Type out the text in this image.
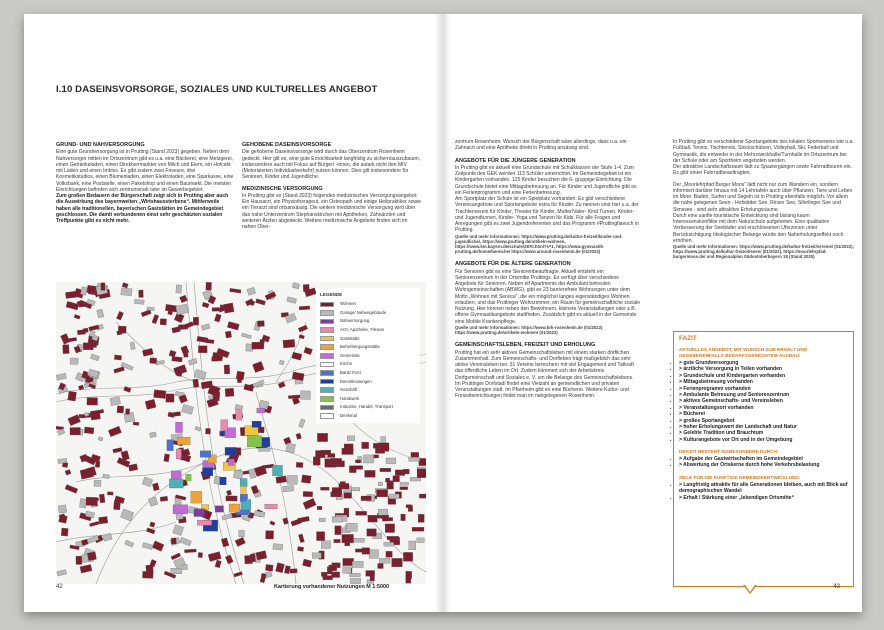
I.10 DASEINSVORSORGE, SOZIALES UND KULTURELLES ANGEBOT
GRUND- UND NAHVERSORGUNG

Eine gute Grundversorgung ist in Prutting (Stand 2023) gegeben. Neben dem Nahversorger mitten im Ortszentrum gibt es u.a. eine Bäckerei, eine Metzgerei, einen Getränkeladen, einen Direktvermarkter von Milch und Eiern, ein Hofcafé mit Läden und einen Imbiss. Es gibt zudem zwei Friseure, drei Kosmetikstudios, einen Blumenladen, einen Elektroladen, eine Sparkasse, eine Volksbank, eine Poststelle, einen Paketshop und einen Baumarkt. Die meisten Einrichtungen befinden sich zentrumsnah oder im Gewerbegebiet.

Zum großen Bedauern der Bürgerschaft zeigt sich in Prutting aber auch die Auswirkung des bayernweiten „Wirtshaussterbens“. Mittlerweile haben alle traditionellen, bayerischen Gaststätten im Gemeindegebiet geschlossen. Die damit verbundenen einst sehr geschätzten sozialen Treffpunkte gibt es nicht mehr.

GEHOBENE DASEINSVORSORGE

Die gehobene Daseinsvorsorge wird durch das Oberzentrum Rosenheim gedeckt. Hier gilt es, eine gute Erreichbarkeit langfristig zu sichern/auszubauen, insbesondere auch mit Fokus auf Bürger/ -innen, die autark nicht den MIV (Motorisierten Individualverkehr) nutzen können. Dies gilt insbesondere für Senioren, Kinder und Jugendliche.

MEDIZINISCHE VERSORGUNG

In Prutting gibt es (Stand 2023) folgendes medizinisches Versorgungsangebot: Ein Hausarzt, ein Physiotherapeut, ein Osteopath und einige Heilpraktiker sowie ein Tierarzt sind ortsansässig. Die weitere medizinische Versorgung wird über das nahe Unterzentrum Stephanskirchen mit Apotheken, Zahnärzten und weiteren Ärzten abgedeckt. Weitere medizinische Angebote finden sich im nahen Ober-

LEGENDE
Wohnen
Garage/ Nebengebäude
Nahversorgung
Arzt, Apotheke, Fitness
Gaststätte
Beherbergungsstätte
Gemeinde
Kirche
Bank/ Post
Dienstleistungen
Geschäft
Handwerk
Industrie, Handel, Transport
Denkmal
Kartierung vorhandener Nutzungen M 1:5000
42

zentrum Rosenheim. Wunsch der Bürgerschaft wäre allerdings, dass u.a. ein Zahnarzt und eine Apotheke direkt in Prutting ansässig sind.

ANGEBOTE FÜR DIE JÜNGERE GENERATION

In Prutting gibt es aktuell eine Grundschule mit Schulklassen der Stufe 1-4. Zum Zeitpunkt des GEK werden 113 Schüler unterrichtet. Im Gemeindegebiet ist ein Kindergarten vorhanden. 125 Kinder besuchen die 6- gruppige Einrichtung. Die Grundschule bietet eine Mittagsbetreuung an. Für Kinder und Jugendliche gibt es ein Ferienprogramm und eine Ferienbetreuung.

Am Sportplatz der Schule ist ein Spielplatz vorhanden. Es gibt verschiedene Vereinsangebote und Sportangebote extra für Kinder. Zu nennen sind hier u.a. der Trachtenverein für Kinder, Theater für Kinder, Mutter/Vater- Kind Turnen, Kinder- und Jugendturnen, Kinder- Yoga und Tanzen für Kids. Für alle Fragen und Anregungen gibt es zwei Jugendreferenten und das Programm #Pruttingfiaeuch in Prutting.

Quelle und mehr Informationen: https://www.prutting.de/kultur-freizeit/kinder-und-jugendliche/, https://www.prutting.de/artikeln-wohnen, https://www.km.bayern.de/schule/2870.html?s=1, https://www.gymnastik-prutting.de/home/bereiche/ https://www.around-rosenheim.de (01/2022)

ANGEBOTE FÜR DIE ÄLTERE GENERATION

Für Senioren gibt es eine Seniorenbeauftragte. Aktuell entsteht ein Seniorenzentrum in der Ortsmitte Pruttings. Es verfügt über verschiedene Angebote für Senioren. Neben elf Apartments der Ambulant betreuten Wohngemeinschaften (ABWG), gibt es 23 barrierefreie Wohnungen unter dem Motto „Wohnen mit Service“, die ein möglichst langes eigenständiges Wohnen erlauben, und das Pruttinger Wohnzimmer, ein Raum für gemeinschaftliche soziale Nutzung. Hier können neben den Bewohnern, kleinere Veranstaltungen oder z.B. offene Gymnastikangebote stattfinden. Zusätzlich gibt es aktuell in der Gemeinde eine Mobile Krankenpflege.

Quelle und mehr Informationen: https://www.brk-rosenheim.de (01/2022) https://www.prutting.de/artikeln-wohnen/ (01/2022)

GEMEINSCHAFTSLEBEN, FREIZEIT UND ERHOLUNG

Prutting hat ein sehr aktives Gemeinschaftsleben mit einem starken dörflichen Zusammenhalt. Zum Gemeinschafts- und Dorfleben trägt maßgeblich das sehr aktive Vereinsleben bei. 31 Vereine bereichern mit viel Engagement und Tatkraft das öffentliche Leben im Ort. Zudem kümmert sich der Arbeitskreis Dorfgemeinschaft und Soziales e. V. um die Belange des Gemeinschaftslebens.

Im Pruttinger Dorfstadl findet eine Vielzahl an gemeindlichen und privaten Veranstaltungen statt. Im Pfarrheim gibt es eine Bücherei. Weitere Kultur- und Freizeiteinrichtungen findet man im nahgelegenen Rosenheim.

In Prutting gibt es verschiedene Sportangebote des lokalen Sportvereins wie u.a. Fußball, Tennis, Tischtennis, Stockschützen, Volleyball, Ski, Federball und Gymnastik, die entweder in der Mehrzweckhalle/Turnhalle im Ortszentrum bei der Schule oder am Sportheim angeboten werden.

Der attraktive Landschaftsraum lädt zu Spaziergängen sowie Fahrradtouren ein. Es gibt einen Fahrradbeauftragten.

Der „Moorlehrpfad Burger Moos“ lädt nicht nur zum Wandern ein, sondern informiert darüber hinaus mit 14 Lehrtafeln auch über Pflanzen, Tiere und Leben im Moor. Baden, Surfen und Segeln ist in Prutting ebenfalls möglich. Vor allem die nahe gelegenen Seen - Hofstätter See, Rinser See, Siferlinger See und Simssee - sind sehr attraktive Erholungsräume.

Durch eine sanfte touristische Entwicklung sind bislang kaum Interessenskonflikte mit dem Naturschutz aufgetreten. Eine qualitative Verbesserung der Seebäder und erschlossenen Uferzonen unter Berücksichtigung ökologischer Belange würde den Naherholungseffekt noch erhöhen.

Quelle und mehr Informationen: https://www.prutting.de/kultur-freizeit/vereine/ (01/2022), https://www.prutting.de/kultur-freizeit/seen/ (01/2022), https://moorlehrpfad-burgermoos.de/ und Regionalplan Südostoberbayern 18 (Stand 2020)

FAZIT
AKTUELLES ANGEBOT, MIT WUNSCH ZUM ERHALT UND GEGEBENENFALLS BEDARFSGERECHTEM AUSBAU:
• > gute Grundversorgung
• > ärztliche Versorgung in Teilen vorhanden
• > Grundschule und Kindergarten vorhanden
• > Mittagsbetreuung vorhanden
• > Ferienprogramm vorhanden
• > Ambulante Betreuung und Seniorenzentrum
• > aktives Gemeinschafts- und Vereinsleben
• > Veranstaltungsort vorhanden
• > Bücherei
• > großes Sportangebot
• > hoher Erholungswert der Landschaft und Natur
• > Gelebte Tradition und Brauchtum
• > Kulturangebote vor Ort und in der Umgebung
DEFIZIT BESTEHT INSBESONDERE DURCH:
• > Aufgabe der Gastwirtschaften im Gemeindegebiet
• > Abwertung der Ortskerne durch hohe Verkehrsbelastung
ZIELE FÜR DIE KÜNFTIGE GEMEINDEENTWICKLUNG:
• > Langfristig attraktiv für alle Generationen bleiben, auch mit Blick auf demographischen Wandel
• > Erhalt / Stärkung einer „lebendigen Ortsmitte“
43
